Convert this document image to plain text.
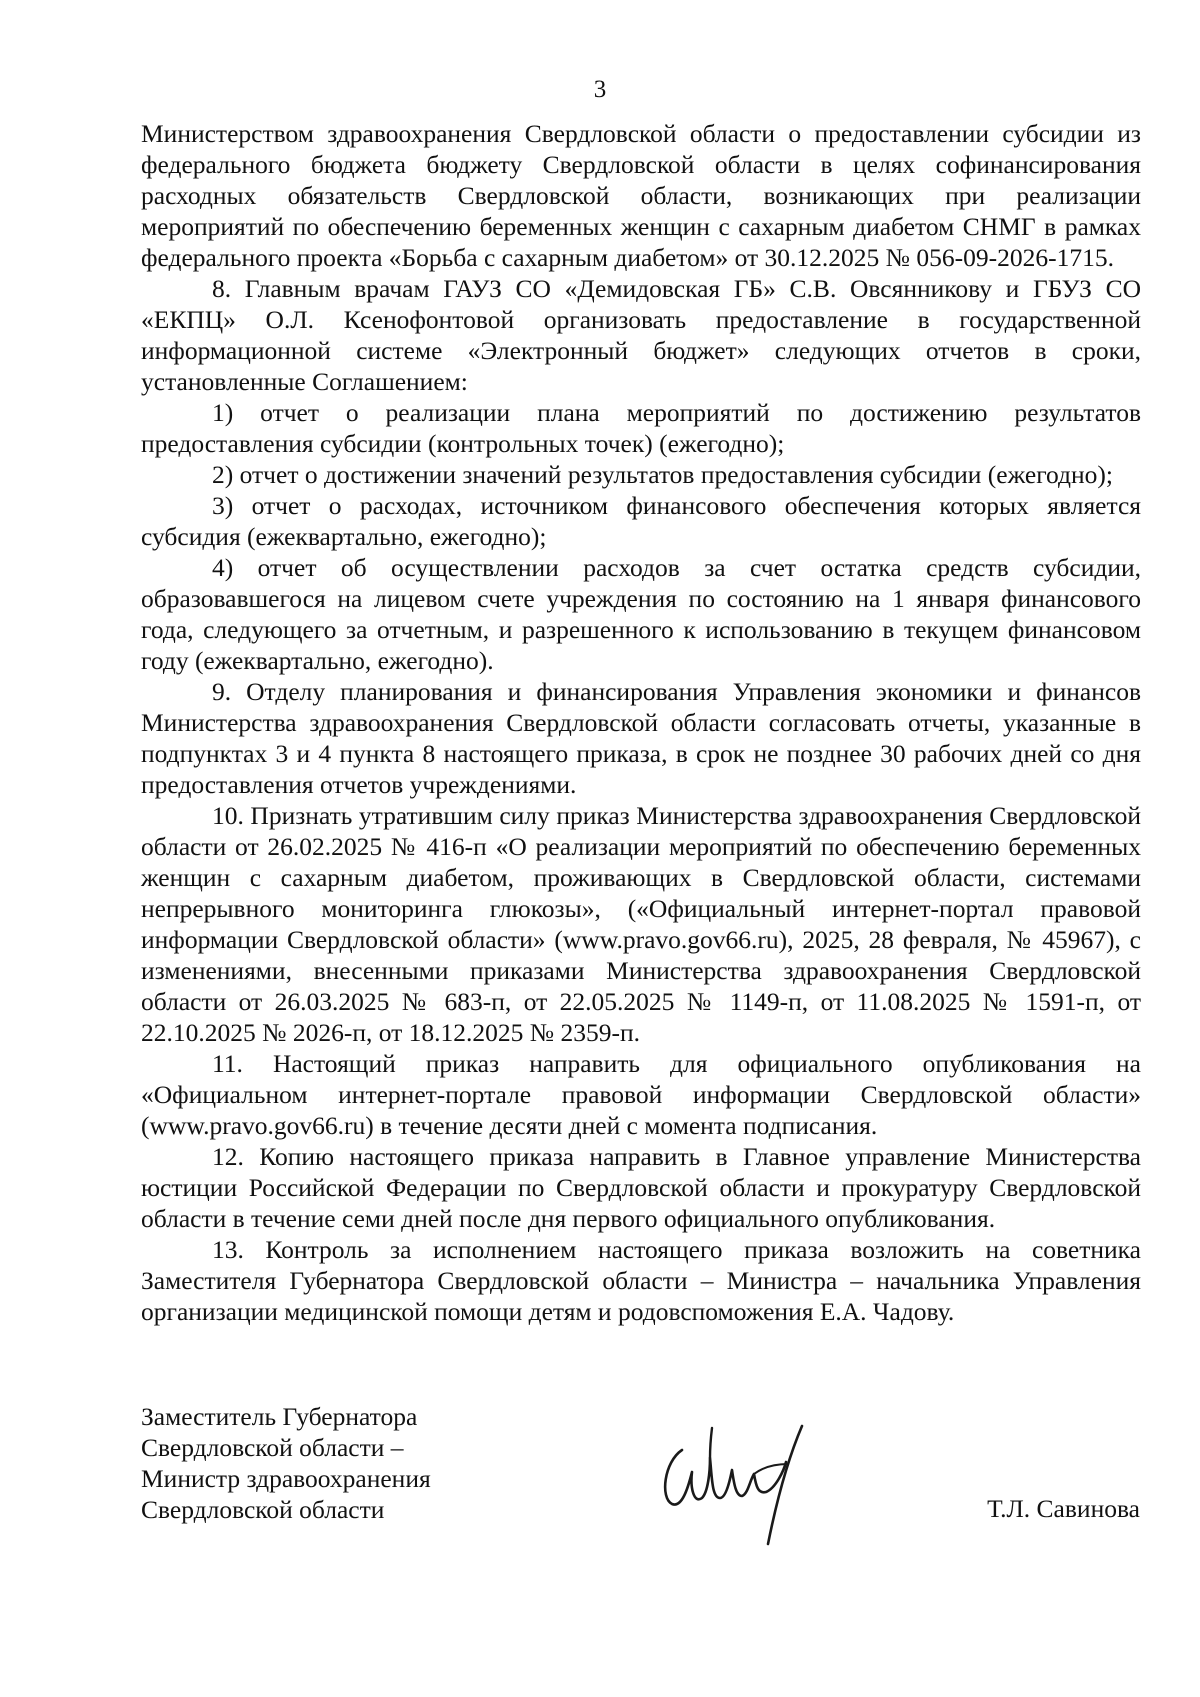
3

Министерством здравоохранения Свердловской области о предоставлении субсидии из федерального бюджета бюджету Свердловской области в целях софинансирования расходных обязательств Свердловской области, возникающих при реализации мероприятий по обеспечению беременных женщин с сахарным диабетом СНМГ в рамках федерального проекта «Борьба с сахарным диабетом» от 30.12.2025 № 056-09-2026-1715.

8. Главным врачам ГАУЗ СО «Демидовская ГБ» С.В. Овсянникову и ГБУЗ СО «ЕКПЦ» О.Л. Ксенофонтовой организовать предоставление в государственной информационной системе «Электронный бюджет» следующих отчетов в сроки, установленные Соглашением:

1) отчет о реализации плана мероприятий по достижению результатов предоставления субсидии (контрольных точек) (ежегодно);

2) отчет о достижении значений результатов предоставления субсидии (ежегодно);

3) отчет о расходах, источником финансового обеспечения которых является субсидия (ежеквартально, ежегодно);

4) отчет об осуществлении расходов за счет остатка средств субсидии, образовавшегося на лицевом счете учреждения по состоянию на 1 января финансового года, следующего за отчетным, и разрешенного к использованию в текущем финансовом году (ежеквартально, ежегодно).

9. Отделу планирования и финансирования Управления экономики и финансов Министерства здравоохранения Свердловской области согласовать отчеты, указанные в подпунктах 3 и 4 пункта 8 настоящего приказа, в срок не позднее 30 рабочих дней со дня предоставления отчетов учреждениями.

10. Признать утратившим силу приказ Министерства здравоохранения Свердловской области от 26.02.2025 № 416-п «О реализации мероприятий по обеспечению беременных женщин с сахарным диабетом, проживающих в Свердловской области, системами непрерывного мониторинга глюкозы», («Официальный интернет-портал правовой информации Свердловской области» (www.pravo.gov66.ru), 2025, 28 февраля, № 45967), с изменениями, внесенными приказами Министерства здравоохранения Свердловской области от 26.03.2025 № 683-п, от 22.05.2025 № 1149-п, от 11.08.2025 № 1591-п, от 22.10.2025 № 2026-п, от 18.12.2025 № 2359-п.

11. Настоящий приказ направить для официального опубликования на «Официальном интернет-портале правовой информации Свердловской области» (www.pravo.gov66.ru) в течение десяти дней с момента подписания.

12. Копию настоящего приказа направить в Главное управление Министерства юстиции Российской Федерации по Свердловской области и прокуратуру Свердловской области в течение семи дней после дня первого официального опубликования.

13. Контроль за исполнением настоящего приказа возложить на советника Заместителя Губернатора Свердловской области – Министра – начальника Управления организации медицинской помощи детям и родовспоможения Е.А. Чадову.

Заместитель Губернатора
Свердловской области –
Министр здравоохранения
Свердловской области	Т.Л. Савинова
